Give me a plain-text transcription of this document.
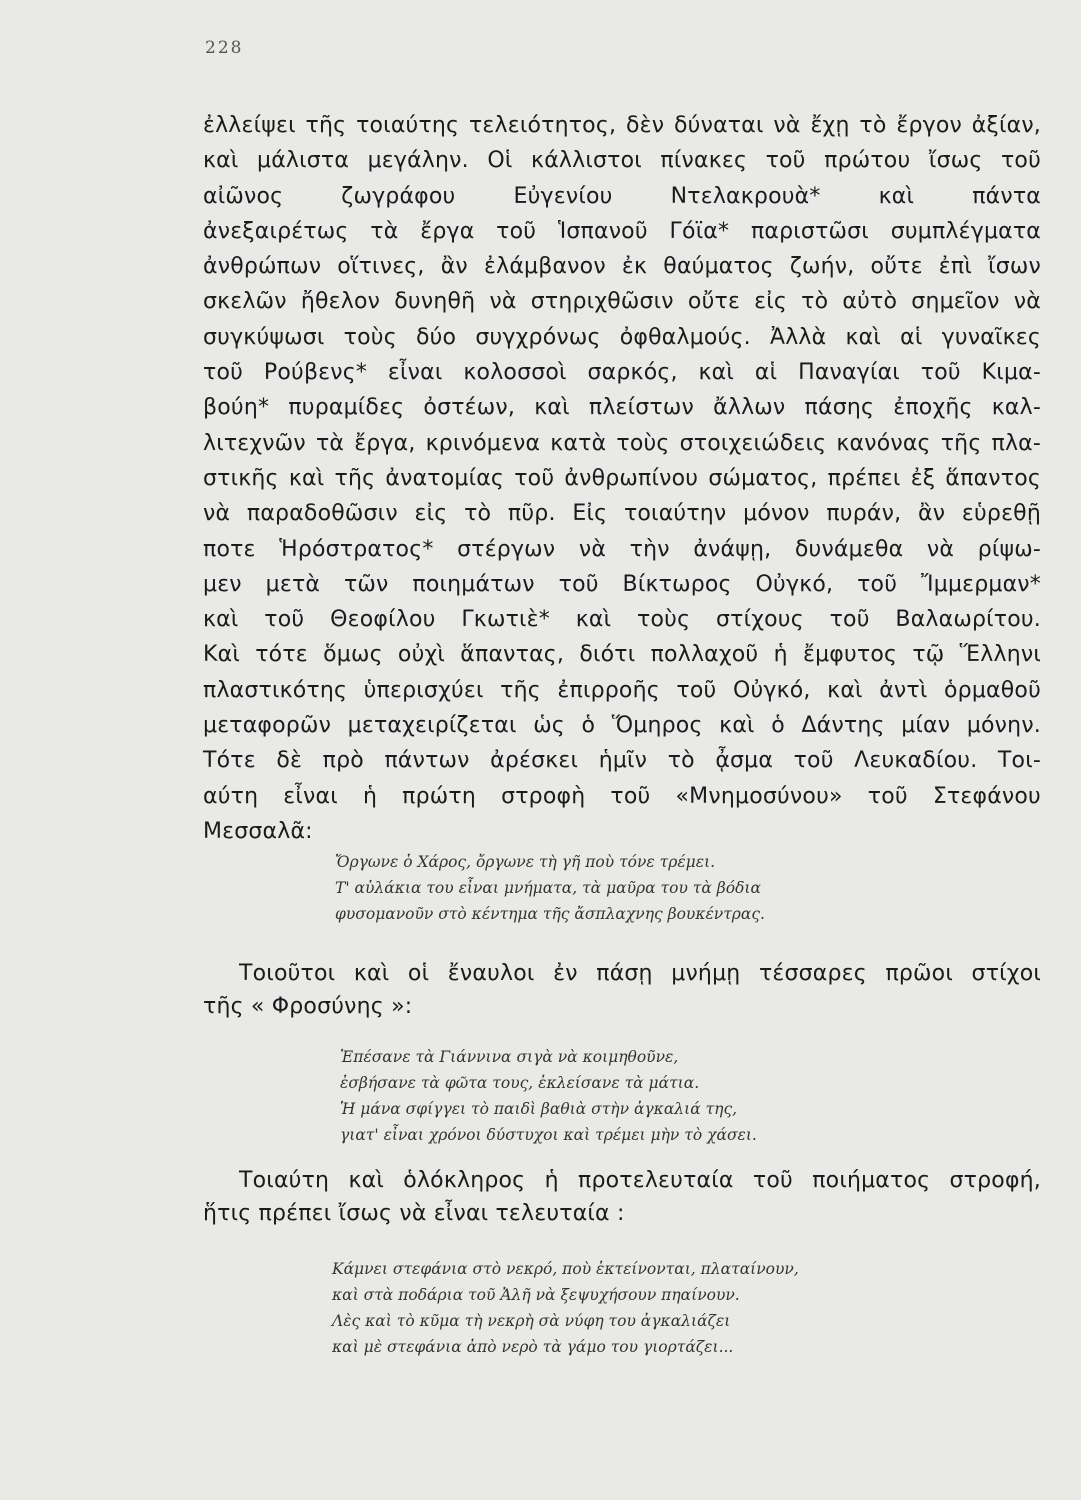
228
ἐλλείψει τῆς τοιαύτης τελειότητος, δὲν δύναται νὰ ἔχῃ τὸ ἔργον ἀξίαν,
καὶ μάλιστα μεγάλην. Οἱ κάλλιστοι πίνακες τοῦ πρώτου ἴσως τοῦ
αἰῶνος ζωγράφου Εὐγενίου Ντελακρουὰ* καὶ πάντα
ἀνεξαιρέτως τὰ ἔργα τοῦ Ἱσπανοῦ Γόϊα* παριστῶσι συμπλέγματα
ἀνθρώπων οἵτινες, ἂν ἐλάμβανον ἐκ θαύματος ζωήν, οὔτε ἐπὶ ἴσων
σκελῶν ἤθελον δυνηθῆ νὰ στηριχθῶσιν οὔτε εἰς τὸ αὐτὸ σημεῖον νὰ
συγκύψωσι τοὺς δύο συγχρόνως ὀφθαλμούς. Ἀλλὰ καὶ αἱ γυναῖκες
τοῦ Ρούβενς* εἶναι κολοσσοὶ σαρκός, καὶ αἱ Παναγίαι τοῦ Κιμα-
βούη* πυραμίδες ὀστέων, καὶ πλείστων ἄλλων πάσης ἐποχῆς καλ-
λιτεχνῶν τὰ ἔργα, κρινόμενα κατὰ τοὺς στοιχειώδεις κανόνας τῆς πλα-
στικῆς καὶ τῆς ἀνατομίας τοῦ ἀνθρωπίνου σώματος, πρέπει ἐξ ἅπαντος
νὰ παραδοθῶσιν εἰς τὸ πῦρ. Εἰς τοιαύτην μόνον πυράν, ἂν εὑρεθῇ
ποτε Ἡρόστρατος* στέργων νὰ τὴν ἀνάψῃ, δυνάμεθα νὰ ρίψω-
μεν μετὰ τῶν ποιημάτων τοῦ Βίκτωρος Οὐγκό, τοῦ Ἴμμερμαν*
καὶ τοῦ Θεοφίλου Γκωτιὲ* καὶ τοὺς στίχους τοῦ Βαλαωρίτου.
Καὶ τότε ὅμως οὐχὶ ἅπαντας, διότι πολλαχοῦ ἡ ἔμφυτος τῷ Ἕλληνι
πλαστικότης ὑπερισχύει τῆς ἐπιρροῆς τοῦ Οὐγκό, καὶ ἀντὶ ὁρμαθοῦ
μεταφορῶν μεταχειρίζεται ὡς ὁ Ὅμηρος καὶ ὁ Δάντης μίαν μόνην.
Τότε δὲ πρὸ πάντων ἀρέσκει ἡμῖν τὸ ᾆσμα τοῦ Λευκαδίου. Τοι-
αύτη εἶναι ἡ πρώτη στροφὴ τοῦ «Μνημοσύνου» τοῦ Στεφάνου
Μεσσαλᾶ:
Ὄργωνε ὁ Χάρος, ὄργωνε τὴ γῆ ποὺ τόνε τρέμει.
Τ' αὐλάκια του εἶναι μνήματα, τὰ μαῦρα του τὰ βόδια
φυσομανοῦν στὸ κέντημα τῆς ἄσπλαχνης βουκέντρας.
Τοιοῦτοι καὶ οἱ ἔναυλοι ἐν πάσῃ μνήμῃ τέσσαρες πρῶοι στίχοι
τῆς « Φροσύνης »:
Ἐπέσανε τὰ Γιάννινα σιγὰ νὰ κοιμηθοῦνε,
ἐσβήσανε τὰ φῶτα τους, ἐκλείσανε τὰ μάτια.
Ἡ μάνα σφίγγει τὸ παιδὶ βαθιὰ στὴν ἀγκαλιά της,
γιατ' εἶναι χρόνοι δύστυχοι καὶ τρέμει μὴν τὸ χάσει.
Τοιαύτη καὶ ὁλόκληρος ἡ προτελευταία τοῦ ποιήματος στροφή,
ἥτις πρέπει ἴσως νὰ εἶναι τελευταία :
Κάμνει στεφάνια στὸ νεκρό, ποὺ ἐκτείνονται, πλαταίνουν,
καὶ στὰ ποδάρια τοῦ Ἀλῆ νὰ ξεψυχήσουν πηαίνουν.
Λὲς καὶ τὸ κῦμα τὴ νεκρὴ σὰ νύφη του ἀγκαλιάζει
καὶ μὲ στεφάνια ἀπὸ νερὸ τὰ γάμο του γιορτάζει...
